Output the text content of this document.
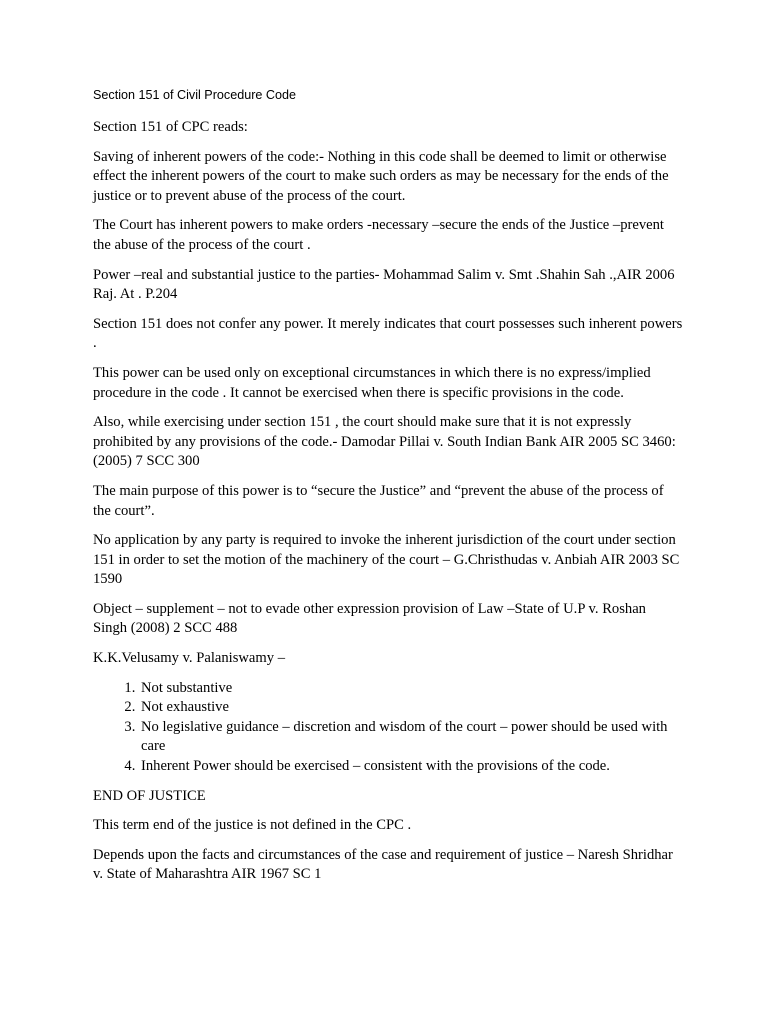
Section 151 of Civil Procedure Code

Section 151 of CPC reads:

Saving of inherent powers of the code:- Nothing in this code shall be deemed to limit or otherwise effect the inherent powers of the court to make such orders as may be necessary for the ends of the justice or to prevent abuse of the process of the court.

The Court has inherent powers to make orders -necessary –secure the ends of the Justice –prevent the abuse of the process of the court .

Power –real and substantial justice to the parties- Mohammad Salim v. Smt .Shahin Sah .,AIR 2006 Raj. At . P.204

Section 151 does not confer any power. It merely indicates that court possesses such inherent powers .

This power can be used only on exceptional circumstances in which there is no express/implied procedure in the code . It cannot be exercised when there is specific provisions in the code.

Also, while exercising under section 151 , the court should make sure that it is not expressly prohibited by any provisions of the code.- Damodar Pillai v. South Indian Bank AIR 2005 SC 3460: (2005) 7 SCC 300

The main purpose of this power is to “secure the Justice” and “prevent the abuse of the process of the court”.

No application by any party is required to invoke the inherent jurisdiction of the court under section 151 in order to set the motion of the machinery of the court – G.Christhudas v. Anbiah AIR 2003 SC 1590

Object – supplement – not to evade other expression provision of Law –State of U.P v. Roshan Singh (2008) 2 SCC 488

K.K.Velusamy v. Palaniswamy –

1. Not substantive
2. Not exhaustive
3. No legislative guidance – discretion and wisdom of the court – power should be used with care
4. Inherent Power should be exercised – consistent with the provisions of the code.

END OF JUSTICE

This term end of the justice is not defined in the CPC .

Depends upon the facts and circumstances of the case and requirement of justice – Naresh Shridhar v. State of Maharashtra AIR 1967 SC 1
